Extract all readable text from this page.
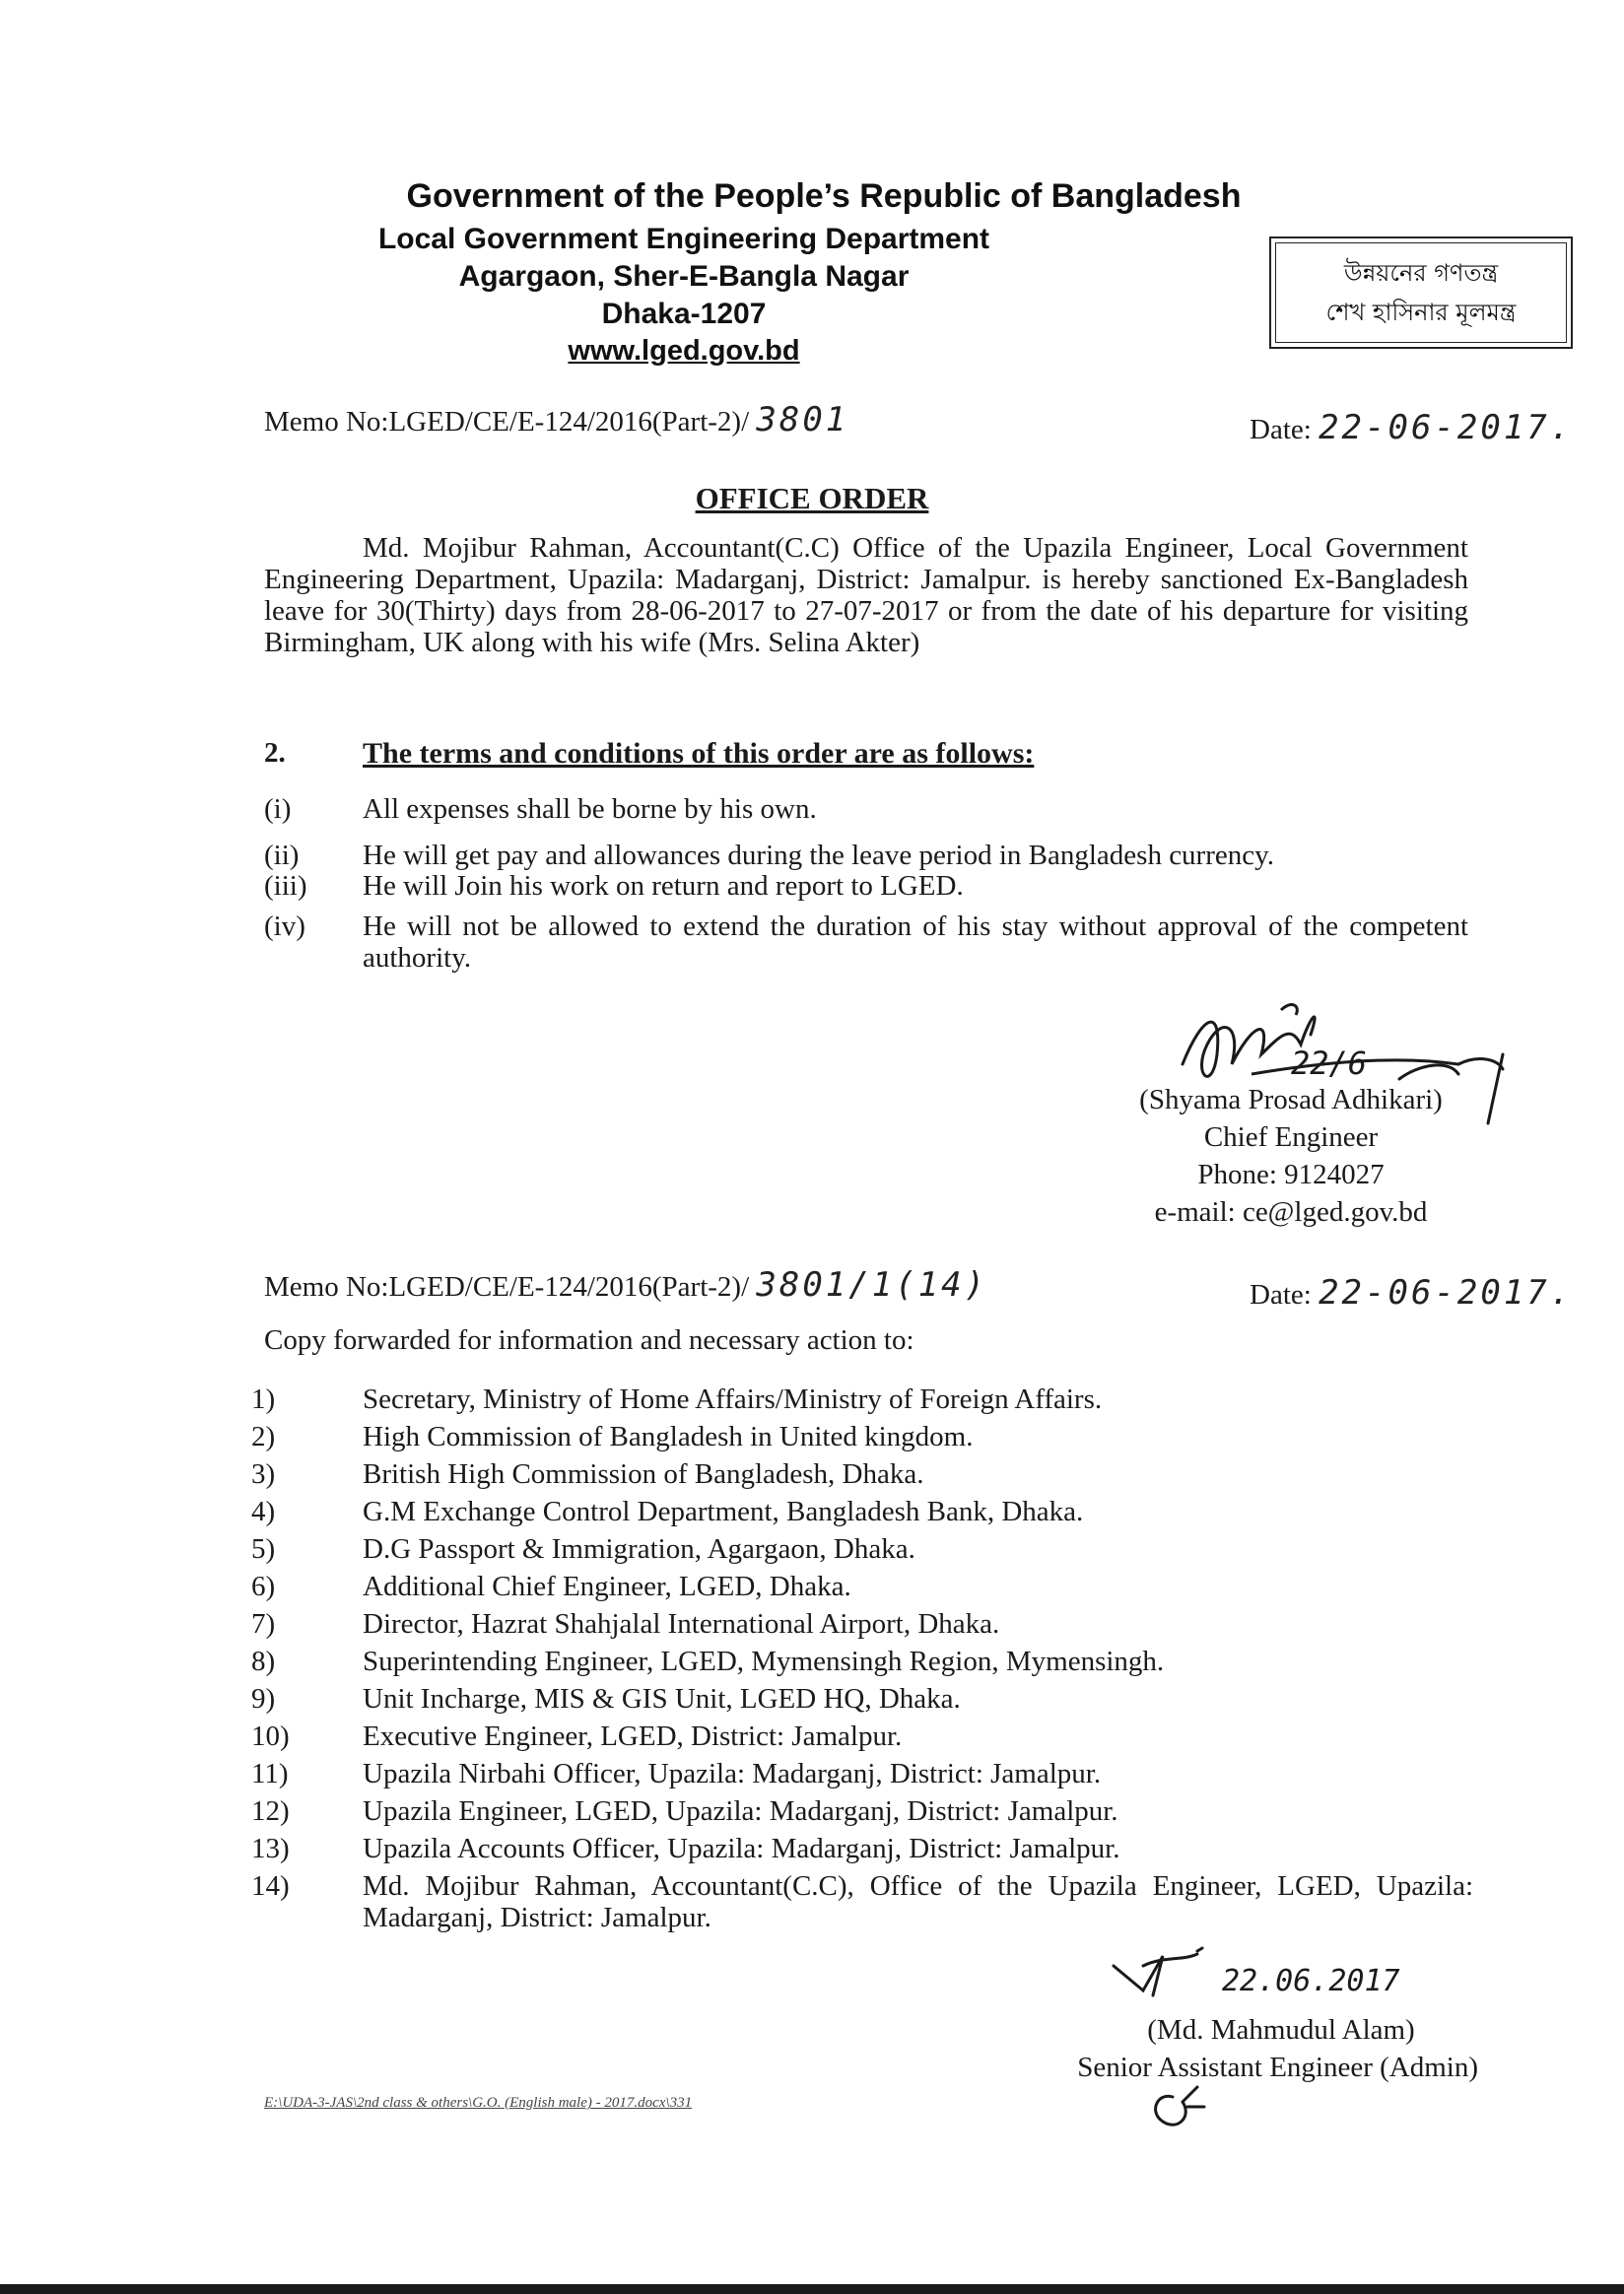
Government of the People’s Republic of Bangladesh
Local Government Engineering Department
Agargaon, Sher-E-Bangla Nagar
Dhaka-1207
www.lged.gov.bd
উন্নয়নের গণতন্ত্র
শেখ হাসিনার মূলমন্ত্র
Memo No:LGED/CE/E-124/2016(Part-2)/ 3801	Date: 22-06-2017.
OFFICE ORDER
Md. Mojibur Rahman, Accountant(C.C) Office of the Upazila Engineer, Local Government Engineering Department, Upazila: Madarganj, District: Jamalpur. is hereby sanctioned Ex-Bangladesh leave for 30(Thirty) days from 28-06-2017 to 27-07-2017 or from the date of his departure for visiting Birmingham, UK along with his wife (Mrs. Selina Akter)
2.	The terms and conditions of this order are as follows:
(i)	All expenses shall be borne by his own.
(ii) He will get pay and allowances during the leave period in Bangladesh currency.
(iii) He will Join his work on return and report to LGED.
(iv) He will not be allowed to extend the duration of his stay without approval of the competent authority.
22/6
(Shyama Prosad Adhikari)
Chief Engineer
Phone: 9124027
e-mail: ce@lged.gov.bd
Memo No:LGED/CE/E-124/2016(Part-2)/ 3801/1(14)	Date: 22-06-2017.
Copy forwarded for information and necessary action to:
1)	Secretary, Ministry of Home Affairs/Ministry of Foreign Affairs.
2)	High Commission of Bangladesh in United kingdom.
3)	British High Commission of Bangladesh, Dhaka.
4)	G.M Exchange Control Department, Bangladesh Bank, Dhaka.
5)	D.G Passport & Immigration, Agargaon, Dhaka.
6)	Additional Chief Engineer, LGED, Dhaka.
7)	Director, Hazrat Shahjalal International Airport, Dhaka.
8)	Superintending Engineer, LGED, Mymensingh Region, Mymensingh.
9)	Unit Incharge, MIS & GIS Unit, LGED HQ, Dhaka.
10)	Executive Engineer, LGED, District: Jamalpur.
11)	Upazila Nirbahi Officer, Upazila: Madarganj, District: Jamalpur.
12)	Upazila Engineer, LGED, Upazila: Madarganj, District: Jamalpur.
13)	Upazila Accounts Officer, Upazila: Madarganj, District: Jamalpur.
14)	Md. Mojibur Rahman, Accountant(C.C), Office of the Upazila Engineer, LGED, Upazila: Madarganj, District: Jamalpur.
22.06.2017
(Md. Mahmudul Alam)
Senior Assistant Engineer (Admin)
E:\UDA-3-JAS\2nd class & others\G.O. (English male) - 2017.docx\331
